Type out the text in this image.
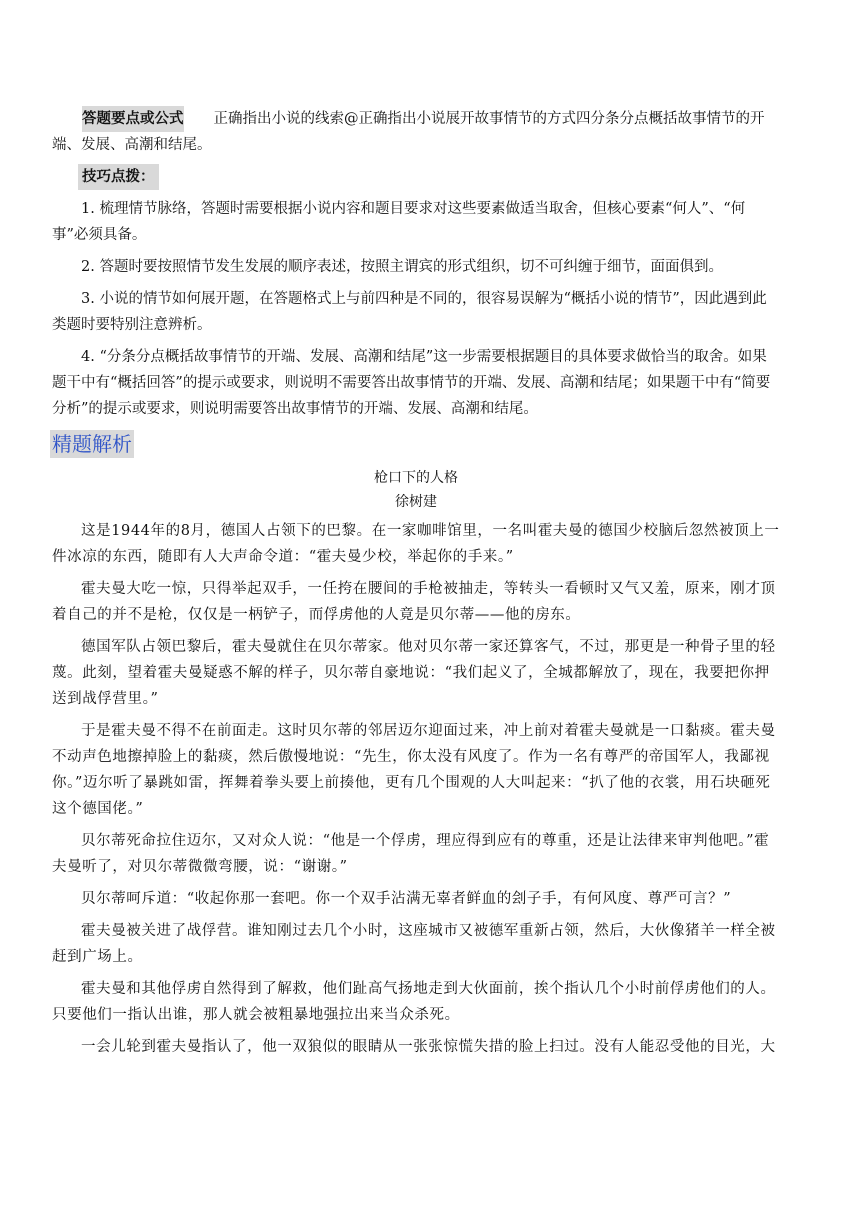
答题要点或公式 正确指出小说的线索@正确指出小说展开故事情节的方式四分条分点概括故事情节的开端、发展、高潮和结尾。

技巧点拨：

1. 梳理情节脉络，答题时需要根据小说内容和题目要求对这些要素做适当取舍，但核心要素“何人”、“何事”必须具备。

2. 答题时要按照情节发生发展的顺序表述，按照主谓宾的形式组织，切不可纠缠于细节，面面俱到。

3. 小说的情节如何展开题，在答题格式上与前四种是不同的，很容易误解为“概括小说的情节”，因此遇到此类题时要特别注意辨析。

4. “分条分点概括故事情节的开端、发展、高潮和结尾”这一步需要根据题目的具体要求做恰当的取舍。如果题干中有“概括回答”的提示或要求，则说明不需要答出故事情节的开端、发展、高潮和结尾；如果题干中有“简要分析”的提示或要求，则说明需要答出故事情节的开端、发展、高潮和结尾。

精题解析

枪口下的人格

徐树建

这是1944年的8月，德国人占领下的巴黎。在一家咖啡馆里，一名叫霍夫曼的德国少校脑后忽然被顶上一件冰凉的东西，随即有人大声命令道：“霍夫曼少校，举起你的手来。”

霍夫曼大吃一惊，只得举起双手，一任挎在腰间的手枪被抽走，等转头一看顿时又气又羞，原来，刚才顶着自己的并不是枪，仅仅是一柄铲子，而俘虏他的人竟是贝尔蒂——他的房东。

德国军队占领巴黎后，霍夫曼就住在贝尔蒂家。他对贝尔蒂一家还算客气，不过，那更是一种骨子里的轻蔑。此刻，望着霍夫曼疑惑不解的样子，贝尔蒂自豪地说：“我们起义了，全城都解放了，现在，我要把你押送到战俘营里。”

于是霍夫曼不得不在前面走。这时贝尔蒂的邻居迈尔迎面过来，冲上前对着霍夫曼就是一口黏痰。霍夫曼不动声色地擦掉脸上的黏痰，然后傲慢地说：“先生，你太没有风度了。作为一名有尊严的帝国军人，我鄙视你。”迈尔听了暴跳如雷，挥舞着拳头要上前揍他，更有几个围观的人大叫起来：“扒了他的衣裳，用石块砸死这个德国佬。”

贝尔蒂死命拉住迈尔，又对众人说：“他是一个俘虏，理应得到应有的尊重，还是让法律来审判他吧。”霍夫曼听了，对贝尔蒂微微弯腰，说：“谢谢。”

贝尔蒂呵斥道：“收起你那一套吧。你一个双手沾满无辜者鲜血的刽子手，有何风度、尊严可言？”

霍夫曼被关进了战俘营。谁知刚过去几个小时，这座城市又被德军重新占领，然后，大伙像猪羊一样全被赶到广场上。

霍夫曼和其他俘虏自然得到了解救，他们趾高气扬地走到大伙面前，挨个指认几个小时前俘虏他们的人。只要他们一指认出谁，那人就会被粗暴地强拉出来当众杀死。

一会儿轮到霍夫曼指认了，他一双狼似的眼睛从一张张惊慌失措的脸上扫过。没有人能忍受他的目光，大
